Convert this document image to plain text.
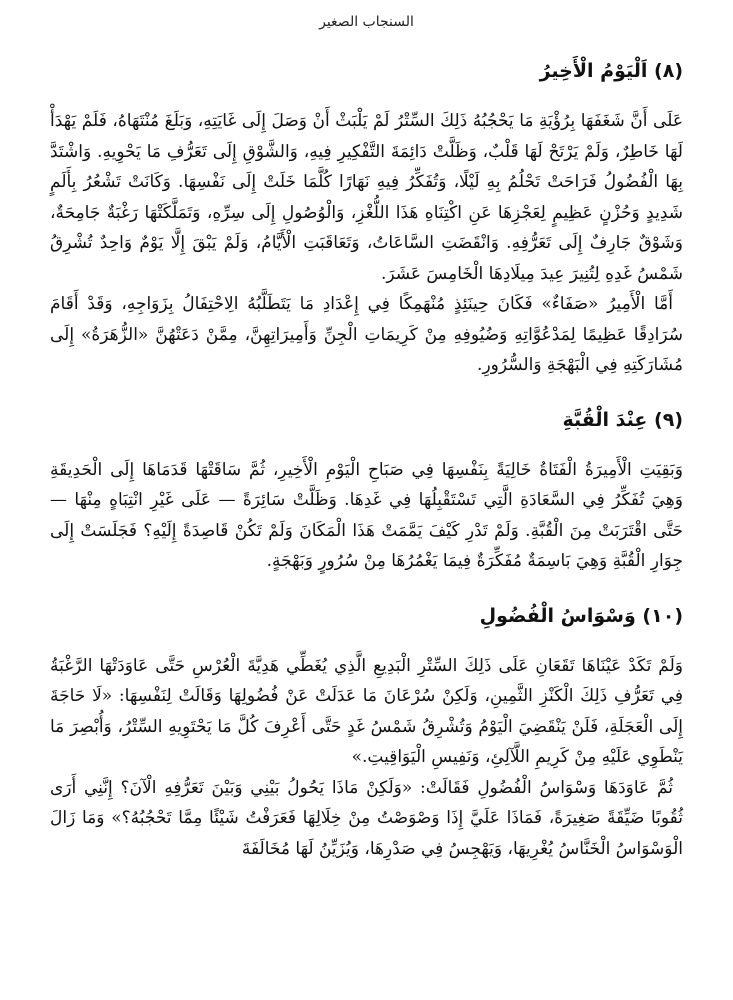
السنجاب الصغير
(٨) اَلْيَوْمُ الْأَخِيرُ

عَلَى أَنَّ شَغَفَهَا بِرُؤْيَةِ مَا يَحْجُبُهُ ذَلِكَ السِّتْرُ لَمْ يَلْبَثْ أَنْ وَصَلَ إِلَى غَايَتِهِ، وَبَلَغَ مُنْتَهَاهُ، فَلَمْ يَهْدَأْ لَهَا خَاطِرٌ، وَلَمْ يَرْتَحْ لَهَا قَلْبٌ، وَظَلَّتْ دَائِمَةَ التَّفْكِيرِ فِيهِ، وَالشَّوْقِ إِلَى تَعَرُّفِ مَا يَحْوِيهِ. وَاشْتَدَّ بِهَا الْفُضُولُ فَرَاحَتْ تَحْلُمُ بِهِ لَيْلًا، وَتُفَكِّرُ فِيهِ نَهَارًا كُلَّمَا خَلَتْ إِلَى نَفْسِهَا. وَكَانَتْ تَشْعُرُ بِأَلَمٍ شَدِيدٍ وَحُزْنٍ عَظِيمٍ لِعَجْزِهَا عَنِ اكْتِنَاهِ هَذَا اللُّغْزِ، وَالْوُصُولِ إِلَى سِرِّهِ، وَتَمَلَّكَتْهَا رَغْبَةٌ جَامِحَةٌ، وَشَوْقٌ جَارِفٌ إِلَى تَعَرُّفِهِ. وَانْقَضَتِ السَّاعَاتُ، وَتَعَاقَبَتِ الْأَيَّامُ، وَلَمْ يَبْقَ إِلَّا يَوْمٌ وَاحِدٌ تُشْرِقُ شَمْسُ غَدِهِ لِتُنِيرَ عِيدَ مِيلَادِهَا الْخَامِسَ عَشَرَ.

أَمَّا الْأَمِيرُ «صَفَاءٌ» فَكَانَ حِينَئِذٍ مُنْهَمِكًا فِي إِعْدَادِ مَا يَتَطَلَّبُهُ الِاحْتِفَالُ بِزَوَاجِهِ، وَقَدْ أَقَامَ سُرَادِقًا عَظِيمًا لِمَدْعُوَّاتِهِ وَضُيُوفِهِ مِنْ كَرِيمَاتِ الْجِنِّ وَأَمِيرَاتِهِنَّ، مِمَّنْ دَعَتْهُنَّ «الزُّهَرَةُ» إِلَى مُشَارَكَتِهِ فِي الْبَهْجَةِ وَالسُّرُورِ.

(٩) عِنْدَ الْقُبَّةِ

وَبَقِيَتِ الْأَمِيرَةُ الْفَتَاةُ خَالِيَةً بِنَفْسِهَا فِي صَبَاحِ الْيَوْمِ الْأَخِيرِ، ثُمَّ سَاقَتْهَا قَدَمَاهَا إِلَى الْحَدِيقَةِ وَهِيَ تُفَكِّرُ فِي السَّعَادَةِ الَّتِي تَسْتَقْبِلُهَا فِي غَدِهَا. وَظَلَّتْ سَائِرَةً — عَلَى غَيْرِ انْتِبَاهٍ مِنْهَا — حَتَّى اقْتَرَبَتْ مِنَ الْقُبَّةِ. وَلَمْ تَدْرِ كَيْفَ يَمَّمَتْ هَذَا الْمَكَانَ وَلَمْ تَكُنْ قَاصِدَةً إِلَيْهِ؟ فَجَلَسَتْ إِلَى جِوَارِ الْقُبَّةِ وَهِيَ بَاسِمَةٌ مُفَكِّرَةٌ فِيمَا يَغْمُرُهَا مِنْ سُرُورٍ وَبَهْجَةٍ.

(١٠) وَسْوَاسُ الْفُضُولِ

وَلَمْ تَكَدْ عَيْنَاهَا تَقَعَانِ عَلَى ذَلِكَ السِّتْرِ الْبَدِيعِ الَّذِي يُغَطِّي هَدِيَّةَ الْعُرْسِ حَتَّى عَاوَدَتْهَا الرَّغْبَةُ فِي تَعَرُّفِ ذَلِكَ الْكَنْزِ الثَّمِينِ، وَلَكِنْ سُرْعَانَ مَا عَدَلَتْ عَنْ فُضُولِهَا وَقَالَتْ لِنَفْسِهَا: «لَا حَاجَةَ إِلَى الْعَجَلَةِ، فَلَنْ يَنْقَضِيَ الْيَوْمُ وَتُشْرِقُ شَمْسُ غَدٍ حَتَّى أَعْرِفَ كُلَّ مَا يَحْتَوِيهِ السِّتْرُ، وَأُبْصِرَ مَا يَنْطَوِي عَلَيْهِ مِنْ كَرِيمِ اللَّآلِئِ، وَنَفِيسِ الْيَوَاقِيتِ.»

ثُمَّ عَاوَدَهَا وَسْوَاسُ الْفُضُولِ فَقَالَتْ: «وَلَكِنْ مَاذَا يَحُولُ بَيْنِي وَبَيْنَ تَعَرُّفِهِ الْآنَ؟ إِنَّنِي أَرَى ثُقُوبًا ضَيِّقَةً صَغِيرَةً، فَمَاذَا عَلَيَّ إِذَا وَصْوَصْتُ مِنْ خِلَالِهَا فَعَرَفْتُ شَيْئًا مِمَّا تَحْجُبُهُ؟» وَمَا زَالَ الْوَسْوَاسُ الْخَنَّاسُ يُغْرِيهَا، وَيَهْجِسُ فِي صَدْرِهَا، وَيُزَيِّنُ لَهَا مُخَالَفَةَ
